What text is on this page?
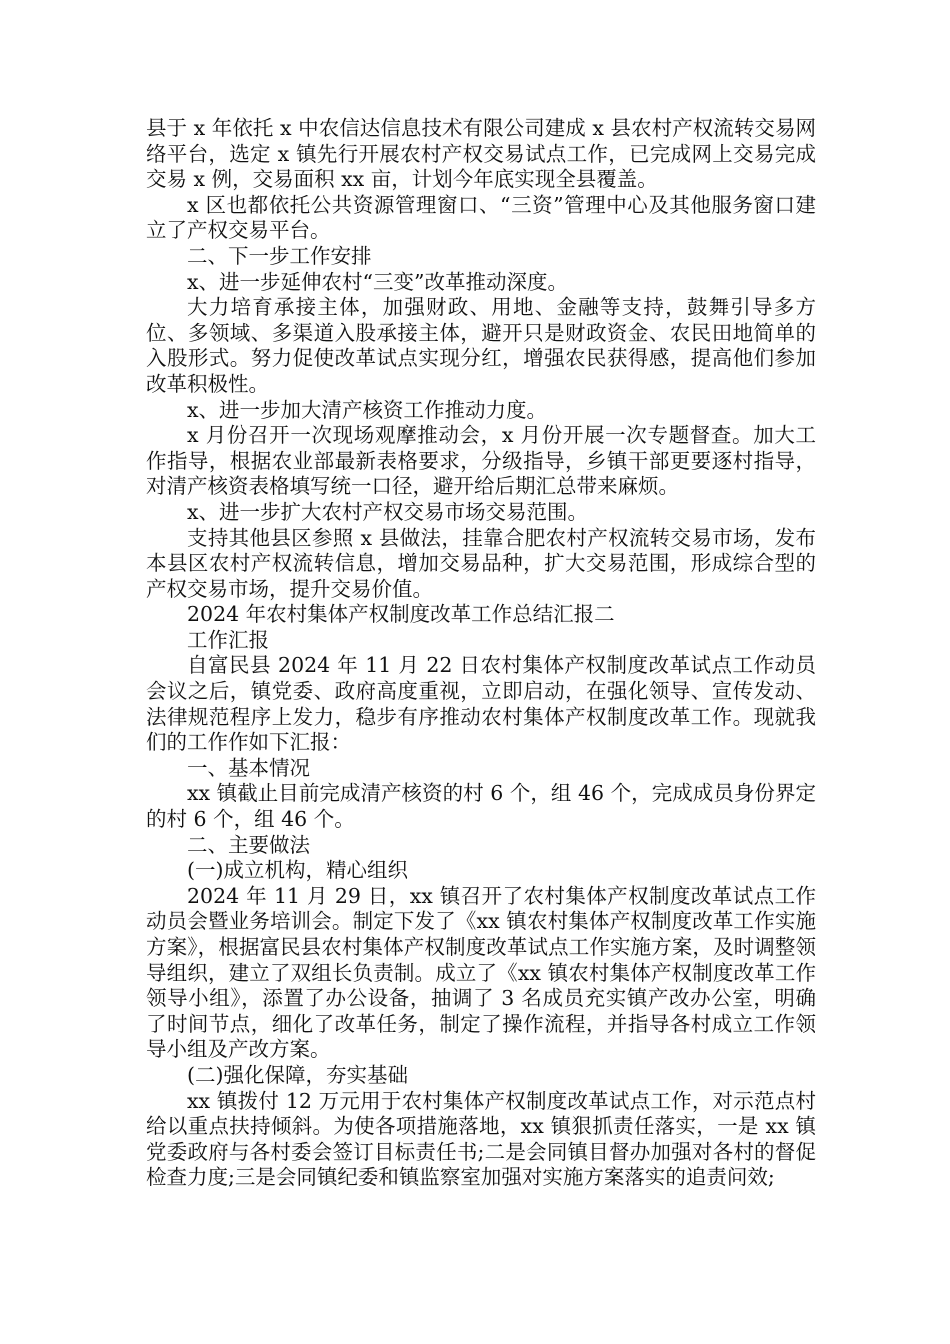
县于 x 年依托 x 中农信达信息技术有限公司建成 x 县农村产权流转交易网络平台，选定 x 镇先行开展农村产权交易试点工作，已完成网上交易完成交易 x 例，交易面积 xx 亩，计划今年底实现全县覆盖。

x 区也都依托公共资源管理窗口、“三资”管理中心及其他服务窗口建立了产权交易平台。

二、下一步工作安排

x、进一步延伸农村“三变”改革推动深度。

大力培育承接主体，加强财政、用地、金融等支持，鼓舞引导多方位、多领域、多渠道入股承接主体，避开只是财政资金、农民田地简单的入股形式。努力促使改革试点实现分红，增强农民获得感，提高他们参加改革积极性。

x、进一步加大清产核资工作推动力度。

x 月份召开一次现场观摩推动会，x 月份开展一次专题督查。加大工作指导，根据农业部最新表格要求，分级指导，乡镇干部更要逐村指导，对清产核资表格填写统一口径，避开给后期汇总带来麻烦。

x、进一步扩大农村产权交易市场交易范围。

支持其他县区参照 x 县做法，挂靠合肥农村产权流转交易市场，发布本县区农村产权流转信息，增加交易品种，扩大交易范围，形成综合型的产权交易市场，提升交易价值。

2024 年农村集体产权制度改革工作总结汇报二

工作汇报

自富民县 2024 年 11 月 22 日农村集体产权制度改革试点工作动员会议之后，镇党委、政府高度重视，立即启动，在强化领导、宣传发动、法律规范程序上发力，稳步有序推动农村集体产权制度改革工作。现就我们的工作作如下汇报：

一、基本情况

xx 镇截止目前完成清产核资的村 6 个，组 46 个，完成成员身份界定的村 6 个，组 46 个。

二、主要做法

(一)成立机构，精心组织

2024 年 11 月 29 日，xx 镇召开了农村集体产权制度改革试点工作动员会暨业务培训会。制定下发了《xx 镇农村集体产权制度改革工作实施方案》，根据富民县农村集体产权制度改革试点工作实施方案，及时调整领导组织，建立了双组长负责制。成立了《xx 镇农村集体产权制度改革工作领导小组》，添置了办公设备，抽调了 3 名成员充实镇产改办公室，明确了时间节点，细化了改革任务，制定了操作流程，并指导各村成立工作领导小组及产改方案。

(二)强化保障，夯实基础

xx 镇拨付 12 万元用于农村集体产权制度改革试点工作，对示范点村给以重点扶持倾斜。为使各项措施落地，xx 镇狠抓责任落实，一是 xx 镇党委政府与各村委会签订目标责任书;二是会同镇目督办加强对各村的督促检查力度;三是会同镇纪委和镇监察室加强对实施方案落实的追责问效;
